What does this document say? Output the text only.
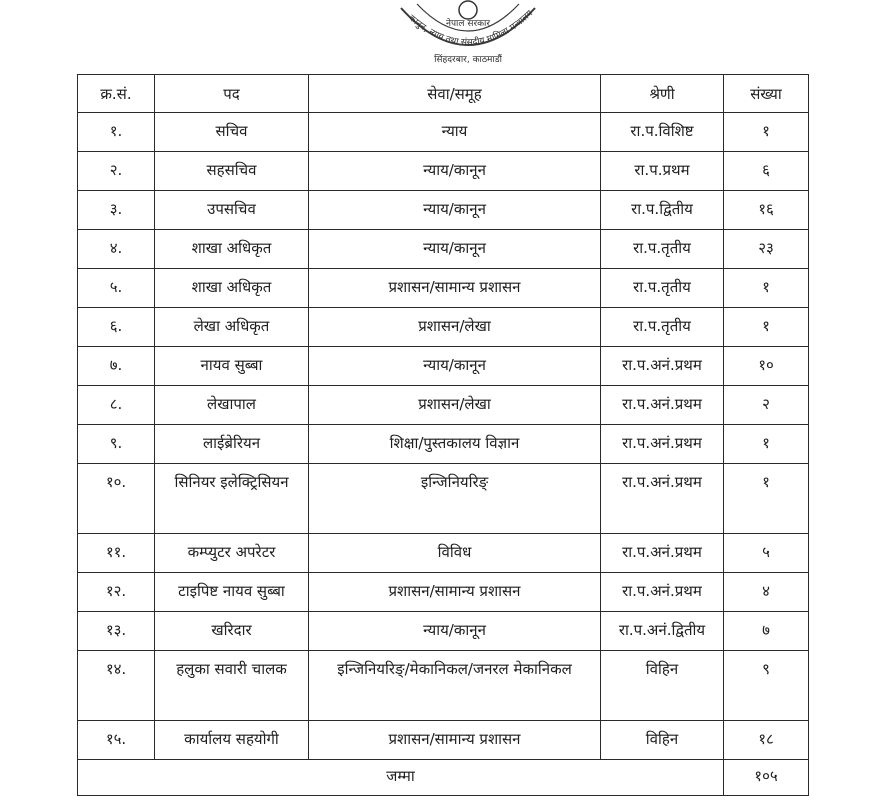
कानुन, न्याय तथा संसदीय मामिला मन्त्रालय
नेपाल सरकार
सिंहदरबार, काठमाडौं
क्र.सं.	पद	सेवा/समूह	श्रेणी	संख्या
१.	सचिव	न्याय	रा.प.विशिष्ट	१
२.	सहसचिव	न्याय/कानून	रा.प.प्रथम	६
३.	उपसचिव	न्याय/कानून	रा.प.द्वितीय	१६
४.	शाखा अधिकृत	न्याय/कानून	रा.प.तृतीय	२३
५.	शाखा अधिकृत	प्रशासन/सामान्य प्रशासन	रा.प.तृतीय	१
६.	लेखा अधिकृत	प्रशासन/लेखा	रा.प.तृतीय	१
७.	नायव सुब्बा	न्याय/कानून	रा.प.अनं.प्रथम	१०
८.	लेखापाल	प्रशासन/लेखा	रा.प.अनं.प्रथम	२
९.	लाईब्रेरियन	शिक्षा/पुस्तकालय विज्ञान	रा.प.अनं.प्रथम	१
१०.	सिनियर इलेक्ट्रिसियन	इन्जिनियरिङ्	रा.प.अनं.प्रथम	१
११.	कम्प्युटर अपरेटर	विविध	रा.प.अनं.प्रथम	५
१२.	टाइपिष्ट नायव सुब्बा	प्रशासन/सामान्य प्रशासन	रा.प.अनं.प्रथम	४
१३.	खरिदार	न्याय/कानून	रा.प.अनं.द्वितीय	७
१४.	हलुका सवारी चालक	इन्जिनियरिङ्/मेकानिकल/जनरल मेकानिकल	विहिन	९
१५.	कार्यालय सहयोगी	प्रशासन/सामान्य प्रशासन	विहिन	१८
जम्मा				१०५
